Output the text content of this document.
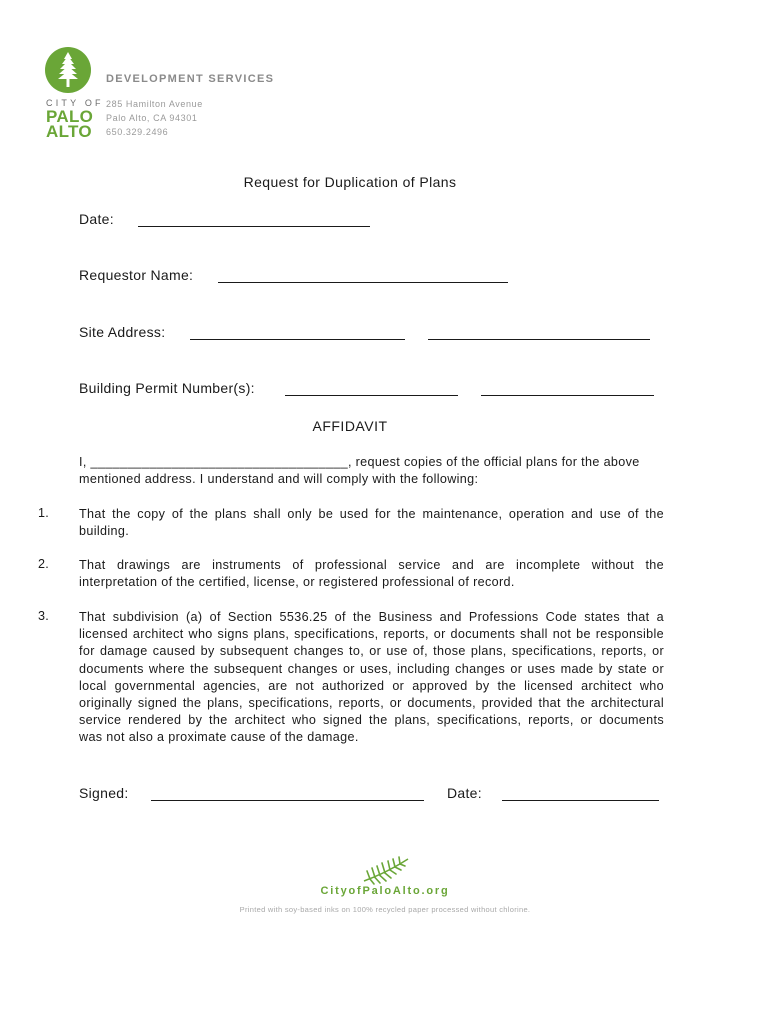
CITY OF
PALO
ALTO
DEVELOPMENT SERVICES
285 Hamilton Avenue
Palo Alto, CA 94301
650.329.2496
Request for Duplication of Plans
Date:
Requestor Name:
Site Address:
Building Permit Number(s):
AFFIDAVIT
I, ___________________________________, request copies of the official plans for the above
mentioned address. I understand and will comply with the following:
1. That the copy of the plans shall only be used for the maintenance, operation and use of the
building.
2. That drawings are instruments of professional service and are incomplete without the
interpretation of the certified, license, or registered professional of record.
3. That subdivision (a) of Section 5536.25 of the Business and Professions Code states that a
licensed architect who signs plans, specifications, reports, or documents shall not be responsible
for damage caused by subsequent changes to, or use of, those plans, specifications, reports, or
documents where the subsequent changes or uses, including changes or uses made by state or
local governmental agencies, are not authorized or approved by the licensed architect who
originally signed the plans, specifications, reports, or documents, provided that the architectural
service rendered by the architect who signed the plans, specifications, reports, or documents
was not also a proximate cause of the damage.
Signed:	Date:
CityofPaloAlto.org
Printed with soy-based inks on 100% recycled paper processed without chlorine.
